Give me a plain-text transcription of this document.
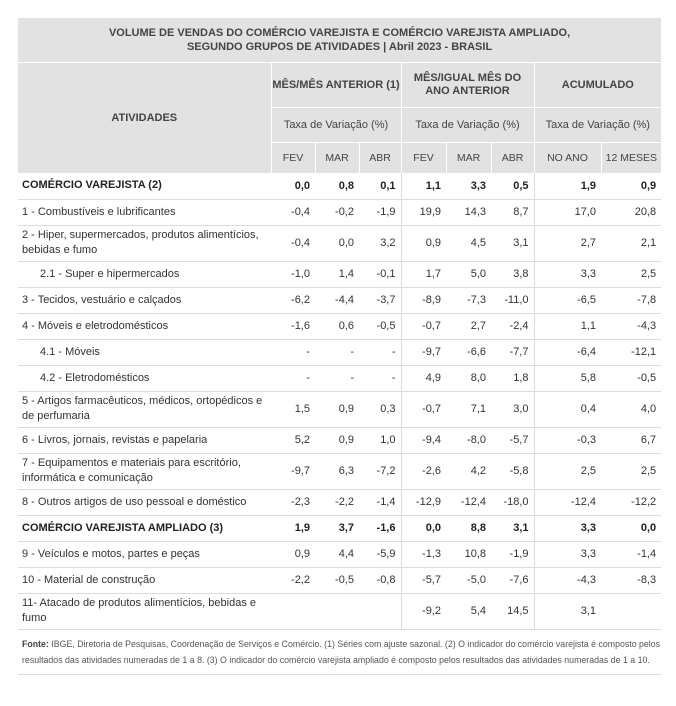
VOLUME DE VENDAS DO COMÉRCIO VAREJISTA E COMÉRCIO VAREJISTA AMPLIADO,
SEGUNDO GRUPOS DE ATIVIDADES | Abril 2023 - BRASIL								

ATIVIDADES	MÊS/MÊS ANTERIOR (1)			MÊS/IGUAL MÊS DO ANO ANTERIOR			ACUMULADO	
	Taxa de Variação (%)			Taxa de Variação (%)			Taxa de Variação (%)	
	FEV	MAR	ABR	FEV	MAR	ABR	NO ANO	12 MESES
COMÉRCIO VAREJISTA (2)	0,0	0,8	0,1	1,1	3,3	0,5	1,9	0,9
1 - Combustíveis e lubrificantes	-0,4	-0,2	-1,9	19,9	14,3	8,7	17,0	20,8
2 - Hiper, supermercados, produtos alimentícios, bebidas e fumo	-0,4	0,0	3,2	0,9	4,5	3,1	2,7	2,1
2.1 - Super e hipermercados	-1,0	1,4	-0,1	1,7	5,0	3,8	3,3	2,5
3 - Tecidos, vestuário e calçados	-6,2	-4,4	-3,7	-8,9	-7,3	-11,0	-6,5	-7,8
4 - Móveis e eletrodomésticos	-1,6	0,6	-0,5	-0,7	2,7	-2,4	1,1	-4,3
4.1 - Móveis	-	-	-	-9,7	-6,6	-7,7	-6,4	-12,1
4.2 - Eletrodomésticos	-	-	-	4,9	8,0	1,8	5,8	-0,5
5 - Artigos farmacêuticos, médicos, ortopédicos e de perfumaria	1,5	0,9	0,3	-0,7	7,1	3,0	0,4	4,0
6 - Livros, jornais, revistas e papelaria	5,2	0,9	1,0	-9,4	-8,0	-5,7	-0,3	6,7
7 - Equipamentos e materiais para escritório, informática e comunicação	-9,7	6,3	-7,2	-2,6	4,2	-5,8	2,5	2,5
8 - Outros artigos de uso pessoal e doméstico	-2,3	-2,2	-1,4	-12,9	-12,4	-18,0	-12,4	-12,2
COMÉRCIO VAREJISTA AMPLIADO (3)	1,9	3,7	-1,6	0,0	8,8	3,1	3,3	0,0
9 - Veículos e motos, partes e peças	0,9	4,4	-5,9	-1,3	10,8	-1,9	3,3	-1,4
10 - Material de construção	-2,2	-0,5	-0,8	-5,7	-5,0	-7,6	-4,3	-8,3
11- Atacado de produtos alimentícios, bebidas e fumo				-9,2	5,4	14,5	3,1	
Fonte: IBGE, Diretoria de Pesquisas, Coordenação de Serviços e Comércio. (1) Séries com ajuste sazonal. (2) O indicador do comércio varejista é composto pelos resultados das atividades numeradas de 1 a 8. (3) O indicador do comércio varejista ampliado é composto pelos resultados das atividades numeradas de 1 a 10.
